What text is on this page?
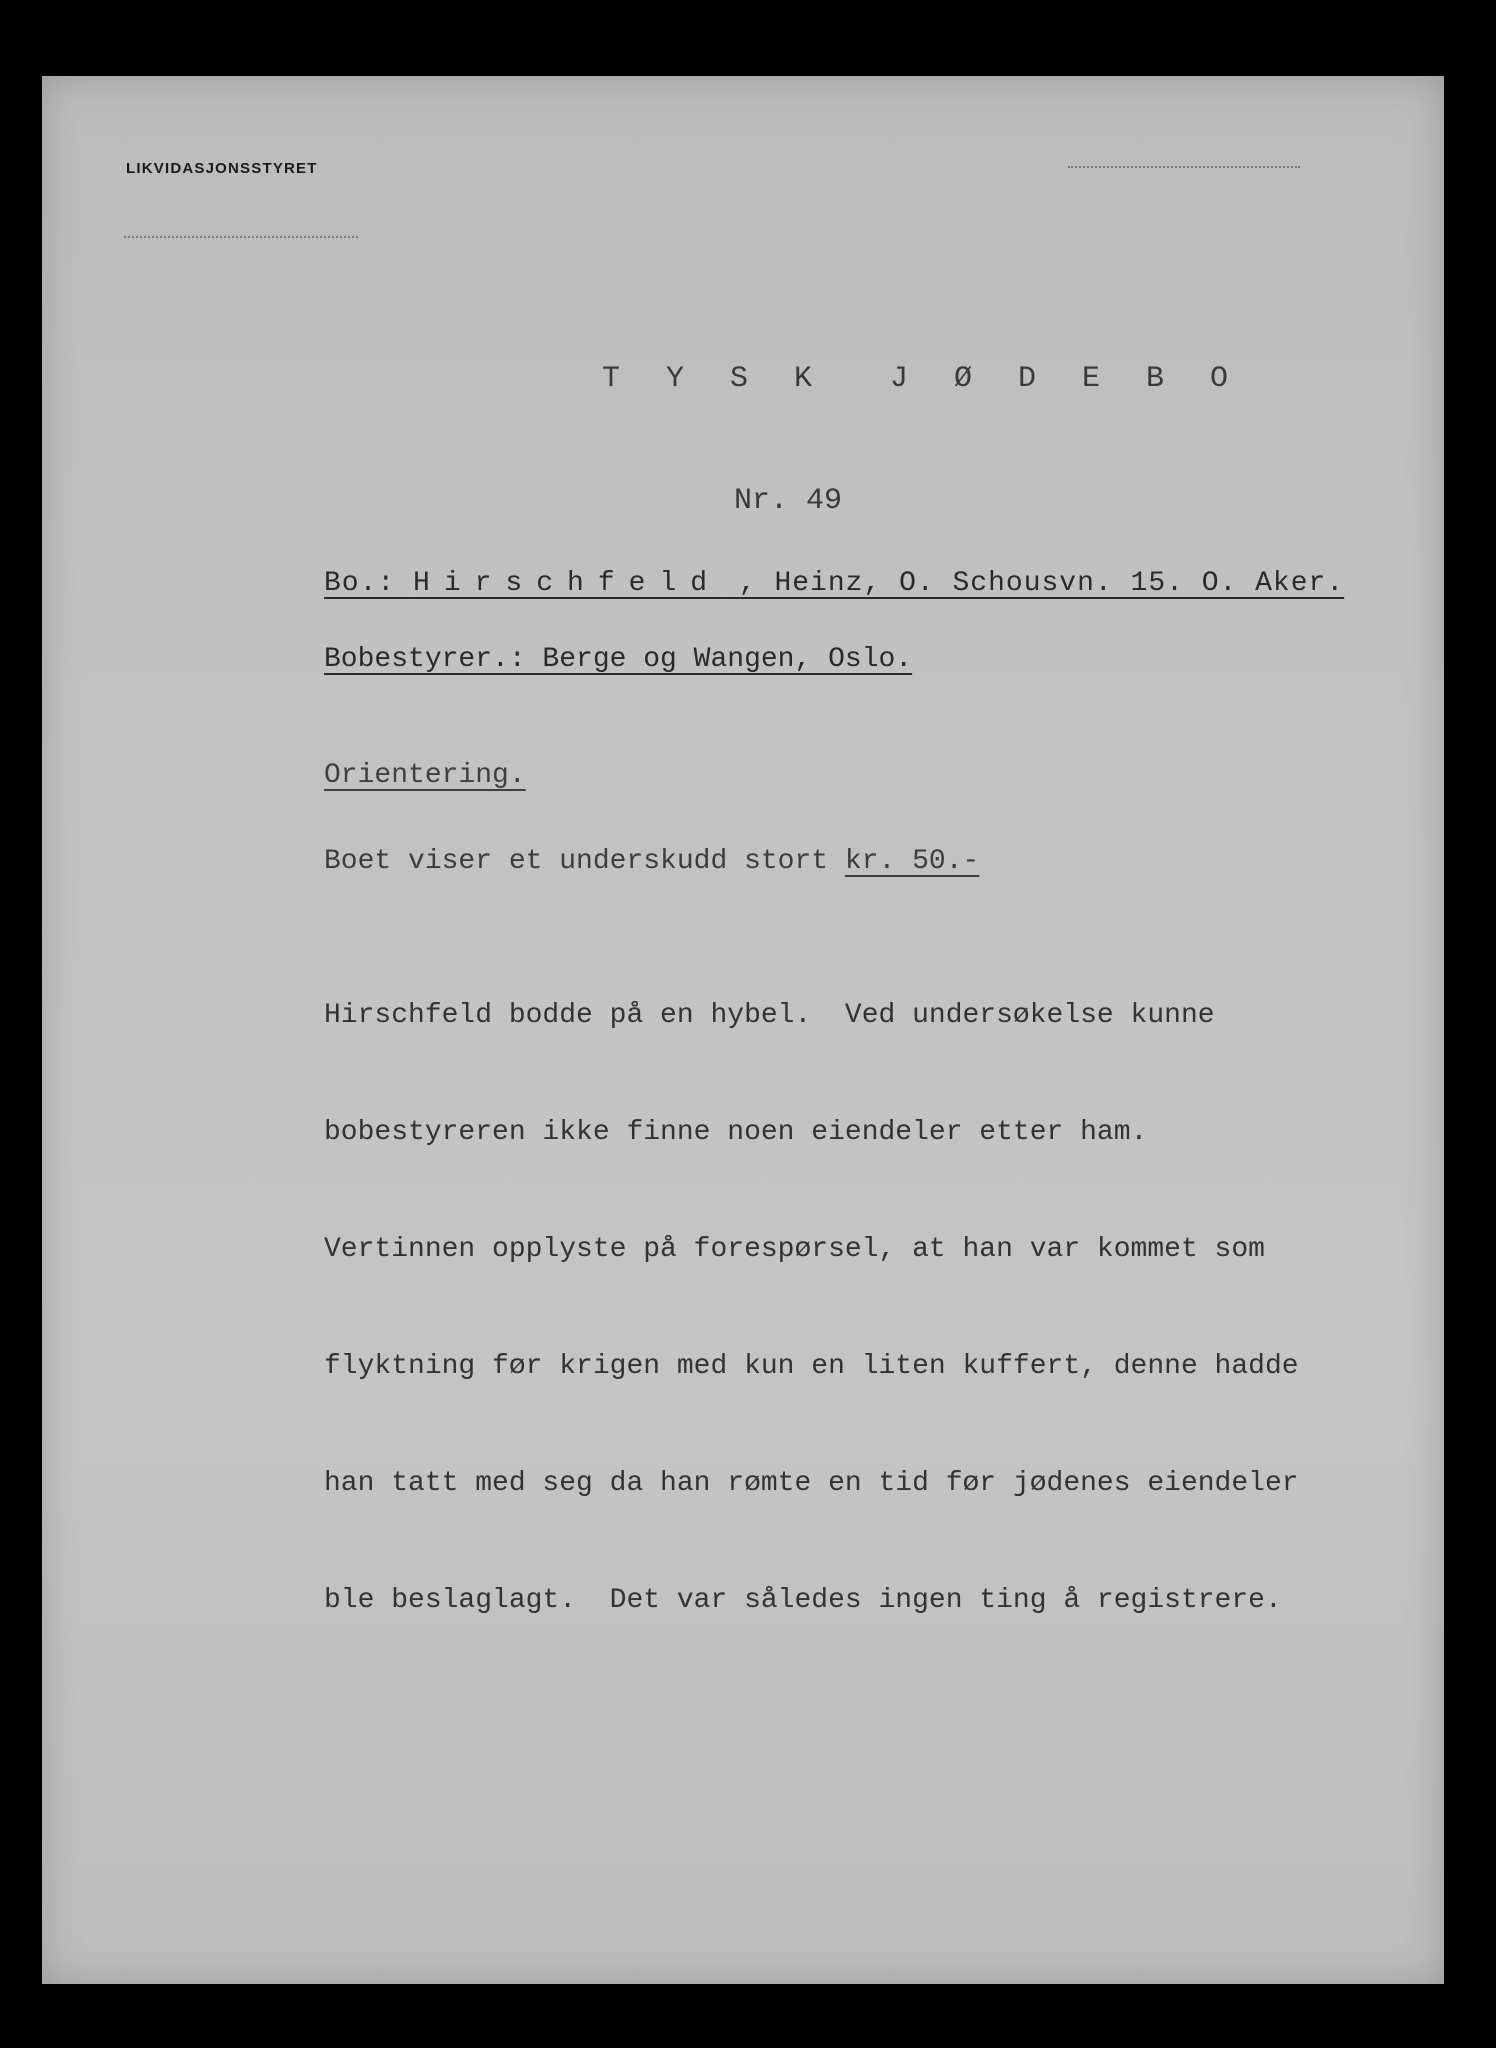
LIKVIDASJONSSTYRET
T Y S K  J Ø D E B O
Nr. 49
Bo.: Hirschfeld , Heinz, O. Schousvn. 15. O. Aker.
Bobestyrer.: Berge og Wangen, Oslo.
Orientering.
Boet viser et underskudd stort kr. 50.-

Hirschfeld bodde på en hybel.  Ved undersøkelse kunne

bobestyreren ikke finne noen eiendeler etter ham.

Vertinnen opplyste på forespørsel, at han var kommet som

flyktning før krigen med kun en liten kuffert, denne hadde

han tatt med seg da han rømte en tid før jødenes eiendeler

ble beslaglagt.  Det var således ingen ting å registrere.
